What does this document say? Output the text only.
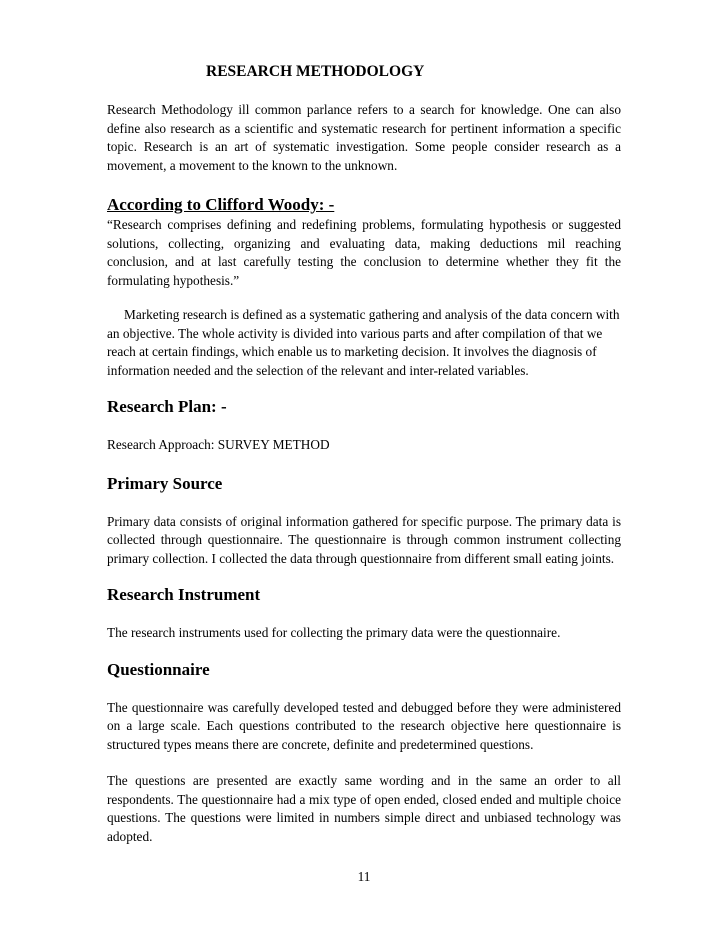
RESEARCH METHODOLOGY

Research Methodology ill common parlance refers to a search for knowledge. One can also define also research as a scientific and systematic research for pertinent information a specific topic. Research is an art of systematic investigation. Some people consider research as a movement, a movement to the known to the unknown.

According to Clifford Woody: -

“Research comprises defining and redefining problems, formulating hypothesis or suggested solutions, collecting, organizing and evaluating data, making deductions mil reaching conclusion, and at last carefully testing the conclusion to determine whether they fit the formulating hypothesis.”

Marketing research is defined as a systematic gathering and analysis of the data concern with an objective. The whole activity is divided into various parts and after compilation of that we reach at certain findings, which enable us to marketing decision. It involves the diagnosis of information needed and the selection of the relevant and inter-related variables.

Research Plan: -

Research Approach: SURVEY METHOD

Primary Source

Primary data consists of original information gathered for specific purpose. The primary data is collected through questionnaire. The questionnaire is through common instrument collecting primary collection. I collected the data through questionnaire from different small eating joints.

Research Instrument

The research instruments used for collecting the primary data were the questionnaire.

Questionnaire

The questionnaire was carefully developed tested and debugged before they were administered on a large scale. Each questions contributed to the research objective here questionnaire is structured types means there are concrete, definite and predetermined questions.

The questions are presented are exactly same wording and in the same an order to all respondents. The questionnaire had a mix type of open ended, closed ended and multiple choice questions. The questions were limited in numbers simple direct and unbiased technology was adopted.

11
